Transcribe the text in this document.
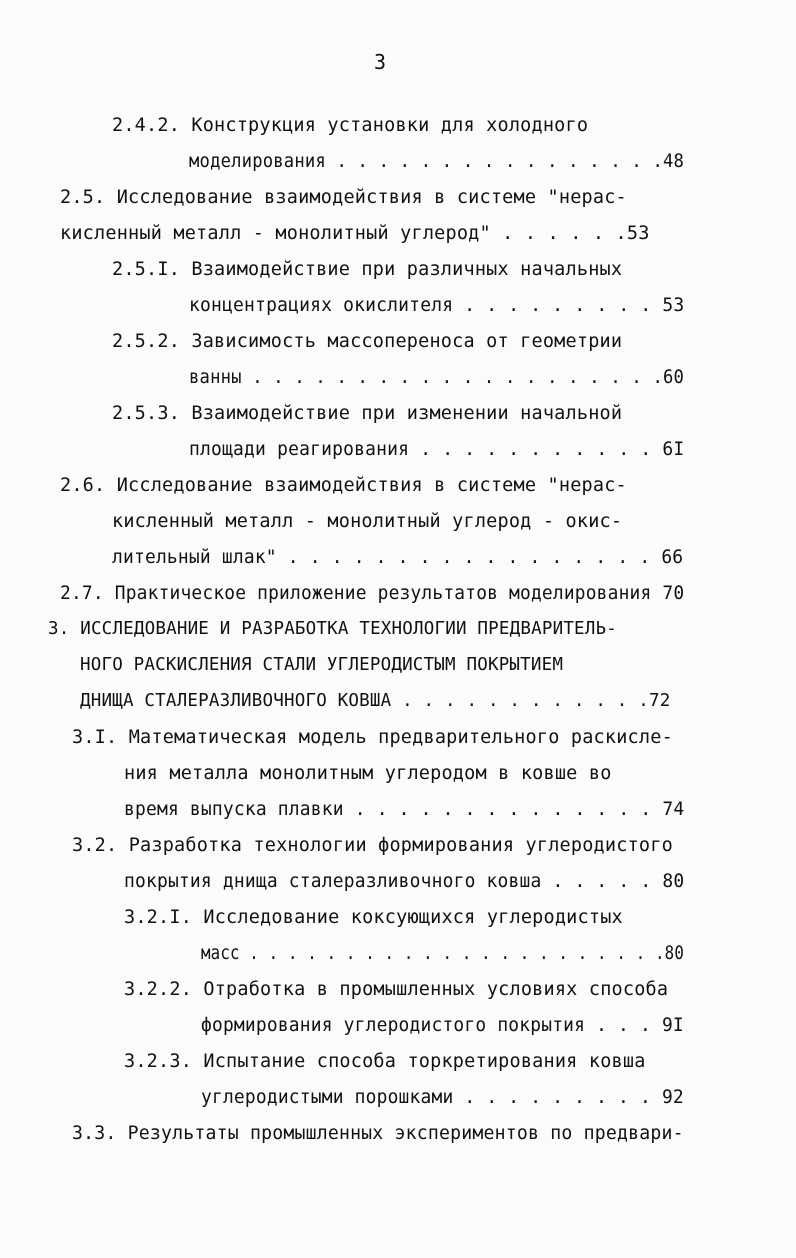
3
2.4.2. Конструкция установки для холодного
моделирования . . . . . . . . . . . . . . . .48
2.5. Исследование взаимодействия в системе "нерас-
кисленный металл - монолитный углерод" . . . . . .53
2.5.I. Взаимодействие при различных начальных
концентрациях окислителя . . . . . . . . . 53
2.5.2. Зависимость массопереноса от геометрии
ванны . . . . . . . . . . . . . . . . . . . .60
2.5.3. Взаимодействие при изменении начальной
площади реагирования . . . . . . . . . . . 6I
2.6. Исследование взаимодействия в системе "нерас-
кисленный металл - монолитный углерод - окис-
лительный шлак" . . . . . . . . . . . . . . . . . 66
2.7. Практическое приложение результатов моделирования 70
3. ИССЛЕДОВАНИЕ И РАЗРАБОТКА ТЕХНОЛОГИИ ПРЕДВАРИТЕЛЬ-
НОГО РАСКИСЛЕНИЯ СТАЛИ УГЛЕРОДИСТЫМ ПОКРЫТИЕМ
ДНИЩА СТАЛЕРАЗЛИВОЧНОГО КОВША . . . . . . . . . . . .72
3.I. Математическая модель предварительного раскисле-
ния металла монолитным углеродом в ковше во
время выпуска плавки . . . . . . . . . . . . . . 74
3.2. Разработка технологии формирования углеродистого
покрытия днища сталеразливочного ковша . . . . . 80
3.2.I. Исследование коксующихся углеродистых
масс . . . . . . . . . . . . . . . . . . . . . .80
3.2.2. Отработка в промышленных условиях способа
формирования углеродистого покрытия . . . 9I
3.2.3. Испытание способа торкретирования ковша
углеродистыми порошками . . . . . . . . . 92
3.3. Результаты промышленных экспериментов по предвари-
